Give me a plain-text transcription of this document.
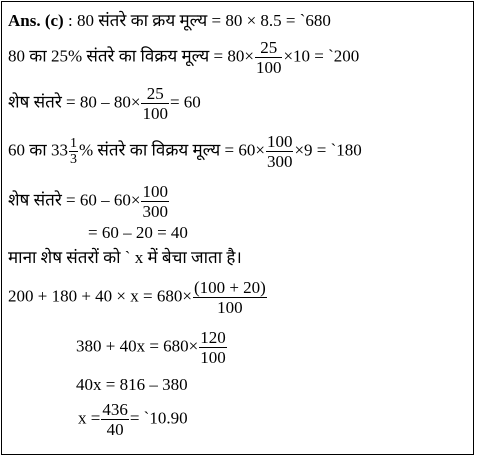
Ans. (c) : 80 संतरे का क्रय मूल्य = 80 × 8.5 = `680
80 का 25% संतरे का विक्रय मूल्य = $80\times \frac{25}{100} \times 10$ = `200
शेष संतरे = $80 - 80\times \frac{25}{100} = 60$
60 का $33 \frac{1}{3}$ % संतरे का विक्रय मूल्य = $60\times \frac{100}{300} \times 9$ = `180
शेष संतरे = $60 - 60\times \frac{100}{300}$
= 60 – 20 = 40
माना शेष संतरों को ` x में बेचा जाता है।
$200 + 180 + 40 \times x = 680\times \frac{(100 + 20)}{100}$
$380 + 40x = 680\times \frac{120}{100}$
40x = 816 – 380
$x = \frac{436}{40}$ = `10.90
